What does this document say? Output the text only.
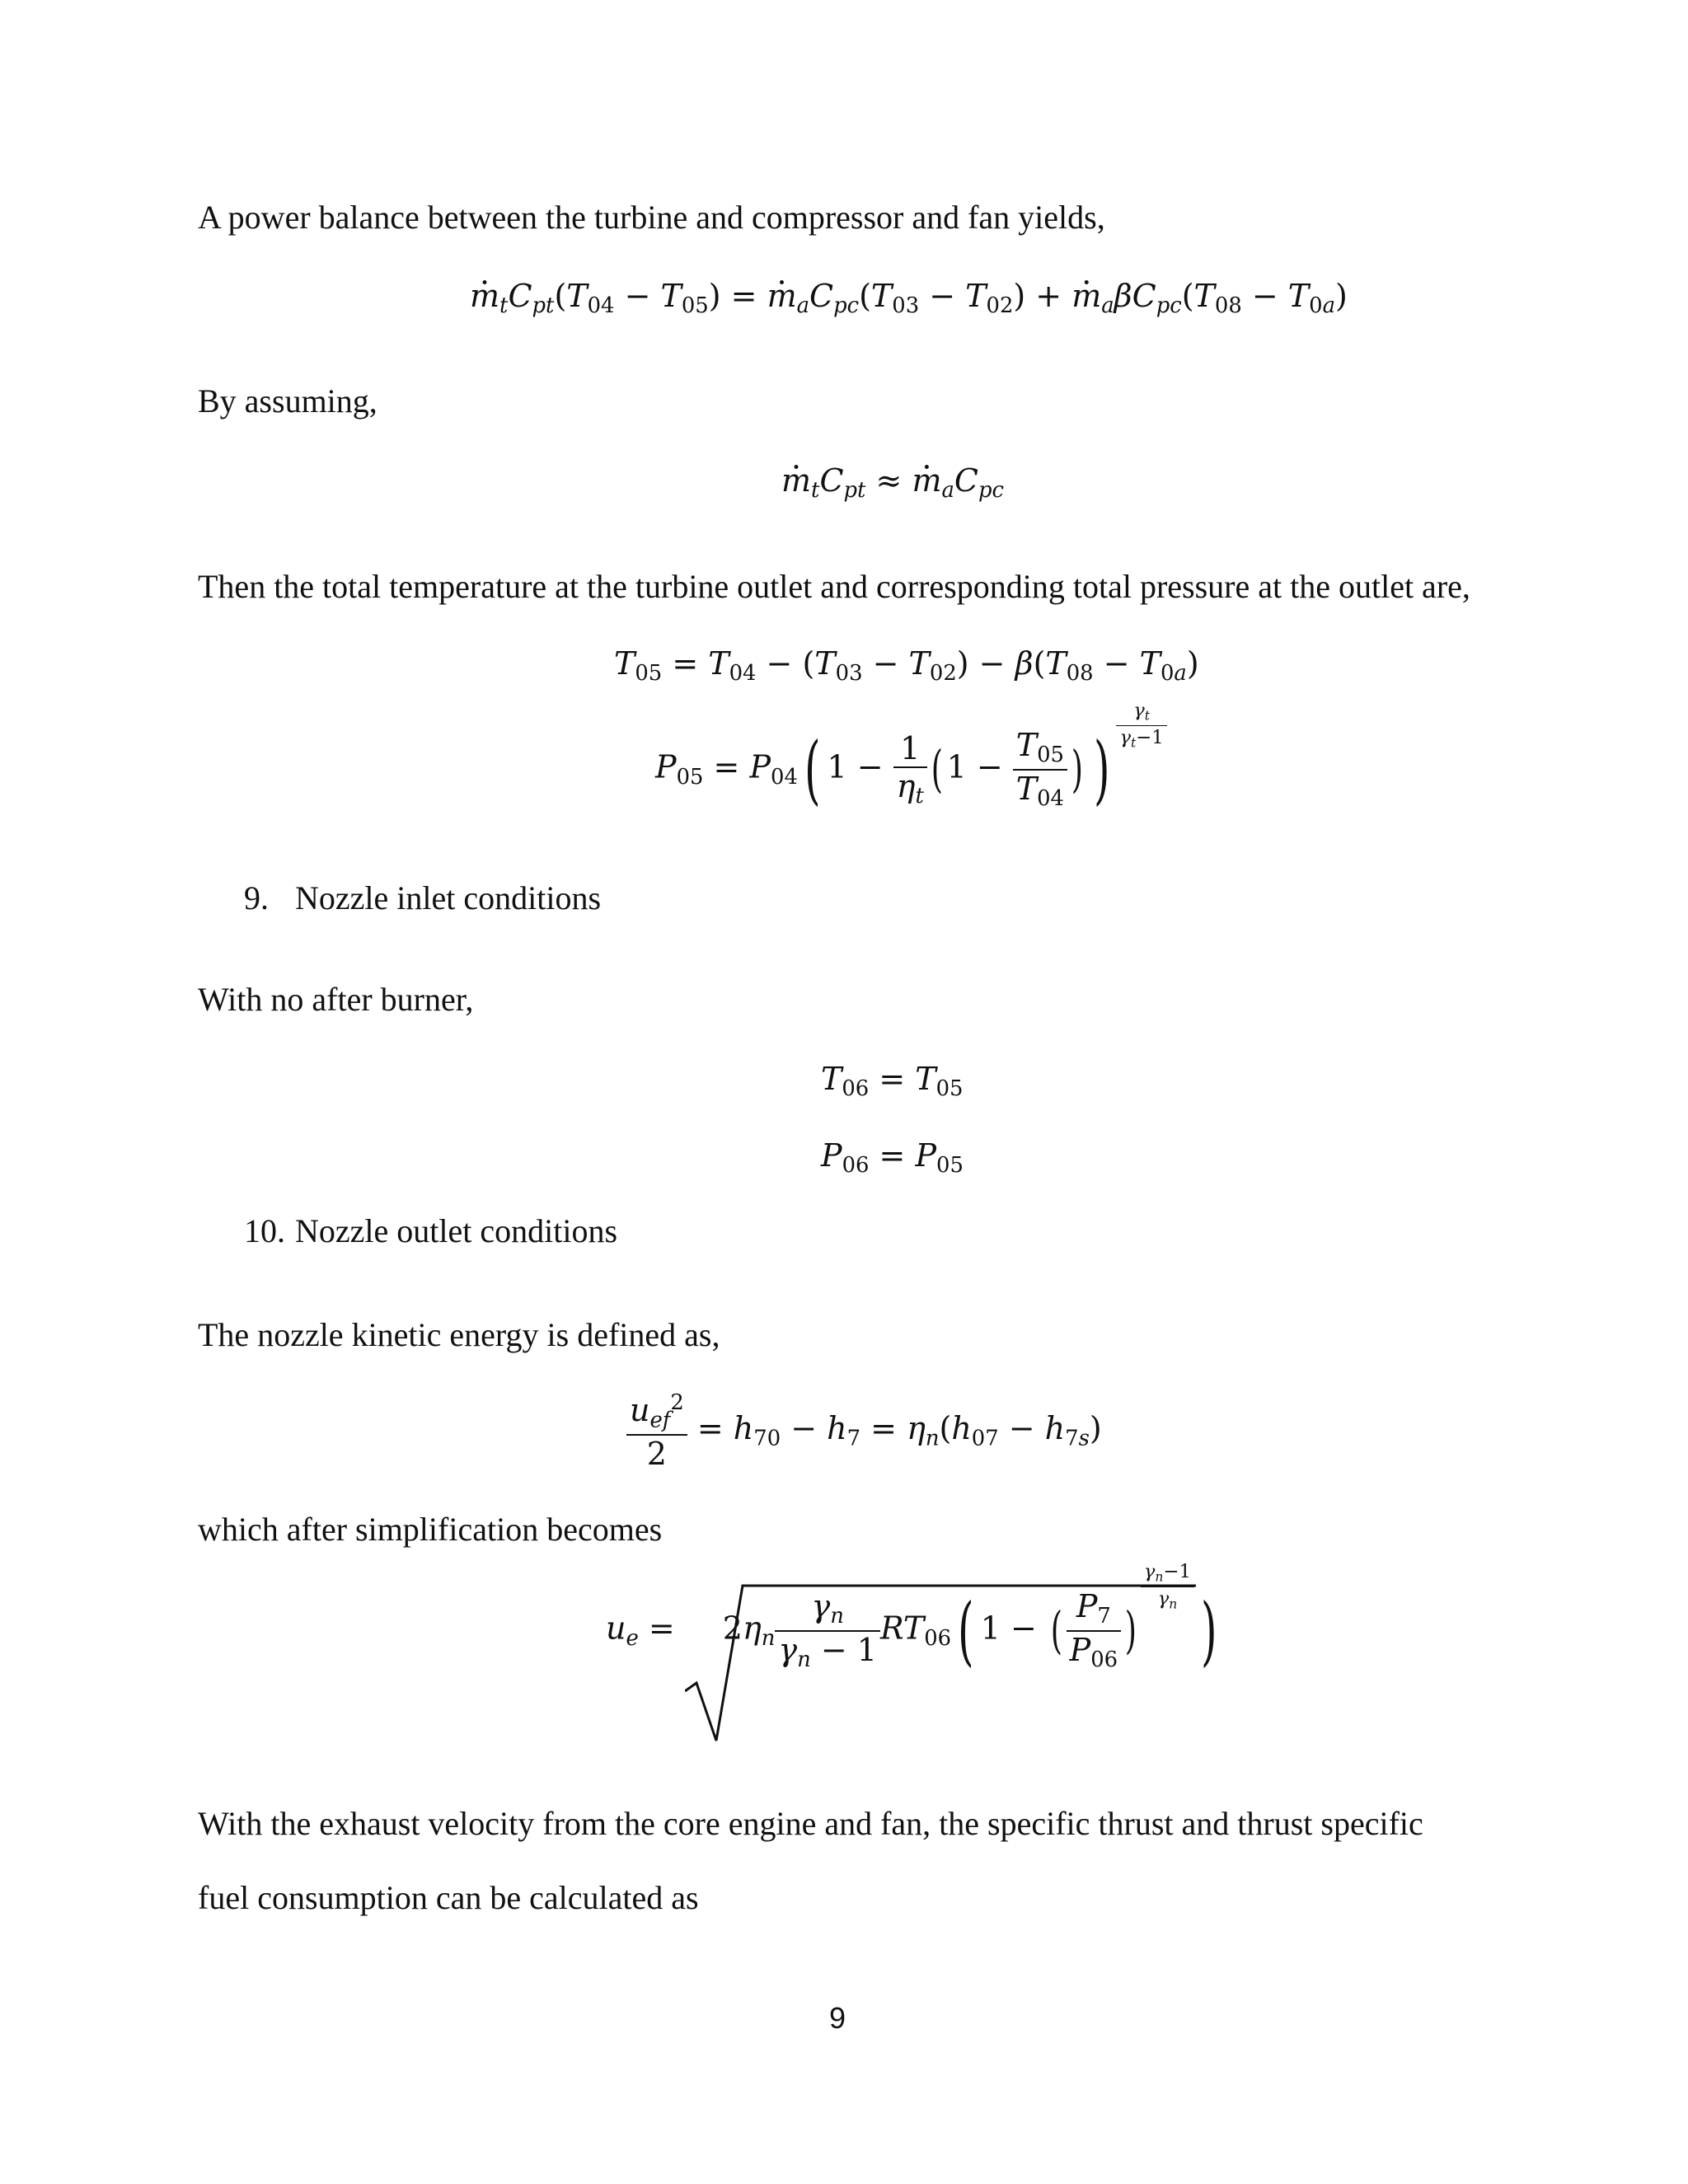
A power balance between the turbine and compressor and fan yields,
$m \cdot_tC_{pt}(T_{04} - T_{05}) = m \cdot_aC_{pc}(T_{03} - T_{02}) + m \cdot_a\beta C_{pc}(T_{08} - T_{0a})$
By assuming,
$m \cdot_tC_{pt} \approx m \cdot_aC_{pc}$
Then the total temperature at the turbine outlet and corresponding total pressure at the outlet are,
$T_{05} = T_{04} - (T_{03} - T_{02}) - \beta(T_{08} - T_{0a})$
$P_{05} = P_{04}$( $1 - \frac{1}{\eta_t}$ ( $1 - \frac{T_{05}}{T_{04}}$ ) )
$\frac{\gamma_t}{\gamma_t-1}$
9. Nozzle inlet conditions
With no after burner,
$T_{06} = T_{05}$
$P_{06} = P_{05}$
10. Nozzle outlet conditions
The nozzle kinetic energy is defined as,
$\frac{u_{ef}^2}{2} = h_{70} - h_7 = \eta_n(h_{07} - h_{7s})$
which after simplification becomes
$u_e$ =
$2\eta_n \frac{\gamma_n}{\gamma_n - 1} RT_{06}$( 1 − ( $\frac{P_7}{P_{06}}$ )
$\frac{\gamma_n-1}{\gamma_n}$
)
With the exhaust velocity from the core engine and fan, the specific thrust and thrust specific
fuel consumption can be calculated as
9
